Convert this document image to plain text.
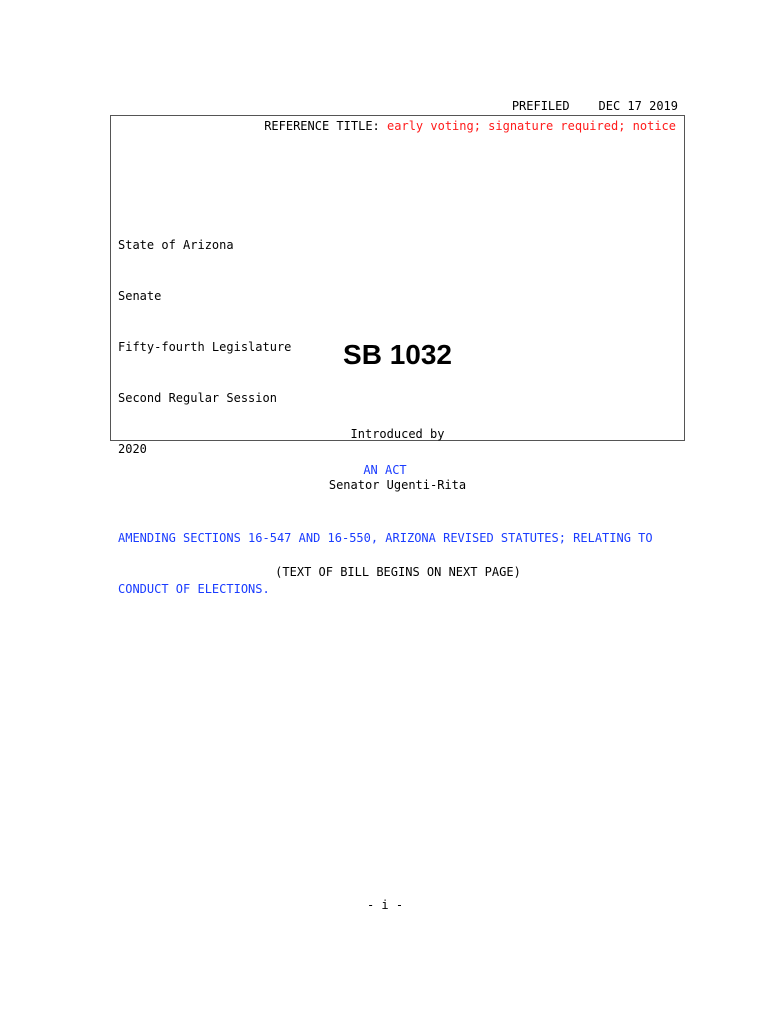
PREFILED DEC 17 2019
REFERENCE TITLE: early voting; signature required; notice

State of Arizona

Senate

Fifty-fourth Legislature

Second Regular Session

2020

SB 1032

Introduced by

Senator Ugenti-Rita

AN ACT

AMENDING SECTIONS 16-547 AND 16-550, ARIZONA REVISED STATUTES; RELATING TO

CONDUCT OF ELECTIONS.

(TEXT OF BILL BEGINS ON NEXT PAGE)
- i -
